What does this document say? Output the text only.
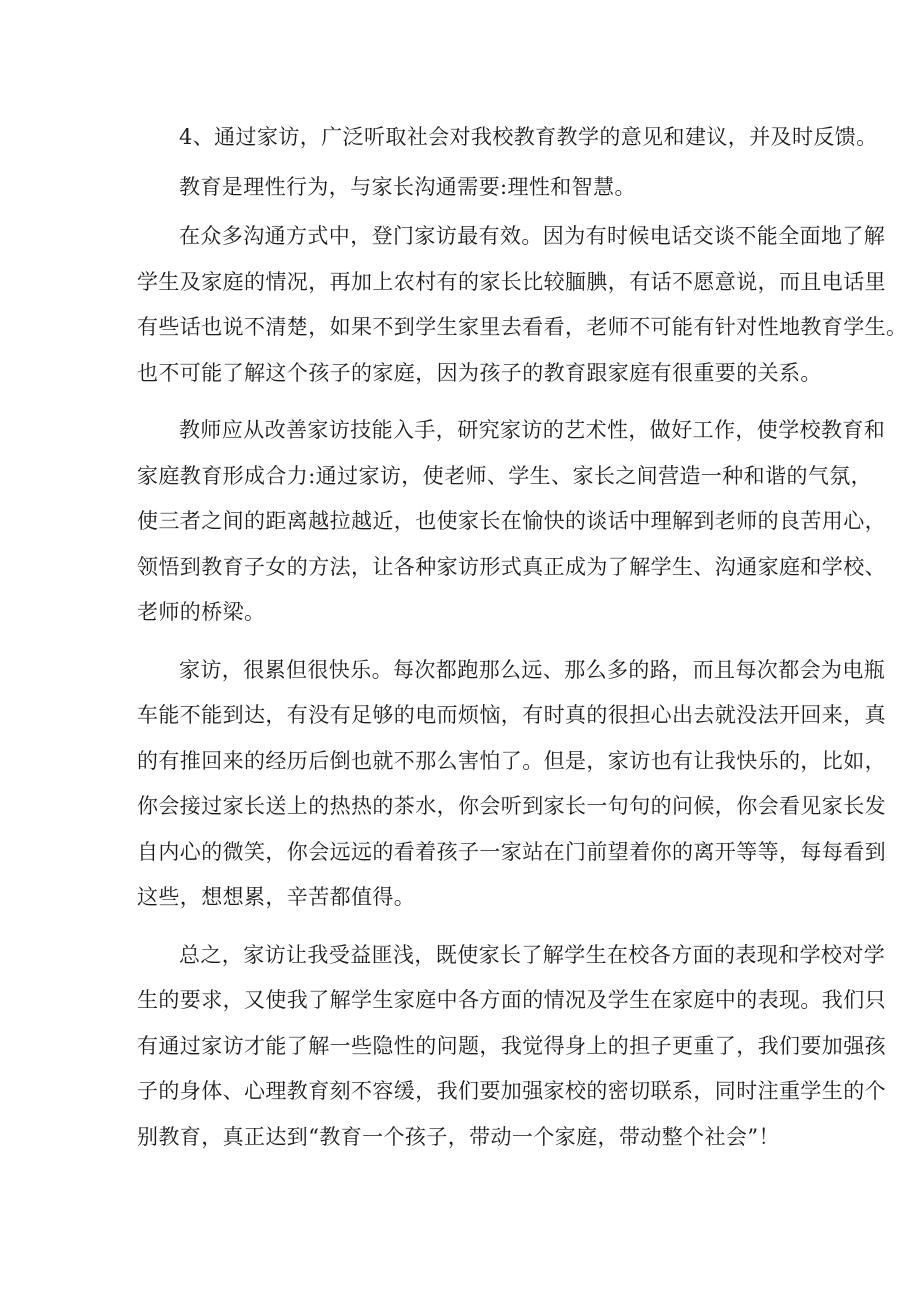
4、通过家访，广泛听取社会对我校教育教学的意见和建议，并及时反馈。

教育是理性行为，与家长沟通需要:理性和智慧。

在众多沟通方式中，登门家访最有效。因为有时候电话交谈不能全面地了解
学生及家庭的情况，再加上农村有的家长比较腼腆，有话不愿意说，而且电话里
有些话也说不清楚，如果不到学生家里去看看，老师不可能有针对性地教育学生。
也不可能了解这个孩子的家庭，因为孩子的教育跟家庭有很重要的关系。

教师应从改善家访技能入手，研究家访的艺术性，做好工作，使学校教育和
家庭教育形成合力:通过家访，使老师、学生、家长之间营造一种和谐的气氛，
使三者之间的距离越拉越近，也使家长在愉快的谈话中理解到老师的良苦用心，
领悟到教育子女的方法，让各种家访形式真正成为了解学生、沟通家庭和学校、
老师的桥梁。

家访，很累但很快乐。每次都跑那么远、那么多的路，而且每次都会为电瓶
车能不能到达，有没有足够的电而烦恼，有时真的很担心出去就没法开回来，真
的有推回来的经历后倒也就不那么害怕了。但是，家访也有让我快乐的，比如，
你会接过家长送上的热热的茶水，你会听到家长一句句的问候，你会看见家长发
自内心的微笑，你会远远的看着孩子一家站在门前望着你的离开等等，每每看到
这些，想想累，辛苦都值得。

总之，家访让我受益匪浅，既使家长了解学生在校各方面的表现和学校对学
生的要求，又使我了解学生家庭中各方面的情况及学生在家庭中的表现。我们只
有通过家访才能了解一些隐性的问题，我觉得身上的担子更重了，我们要加强孩
子的身体、心理教育刻不容缓，我们要加强家校的密切联系，同时注重学生的个
别教育，真正达到“教育一个孩子，带动一个家庭，带动整个社会”！
